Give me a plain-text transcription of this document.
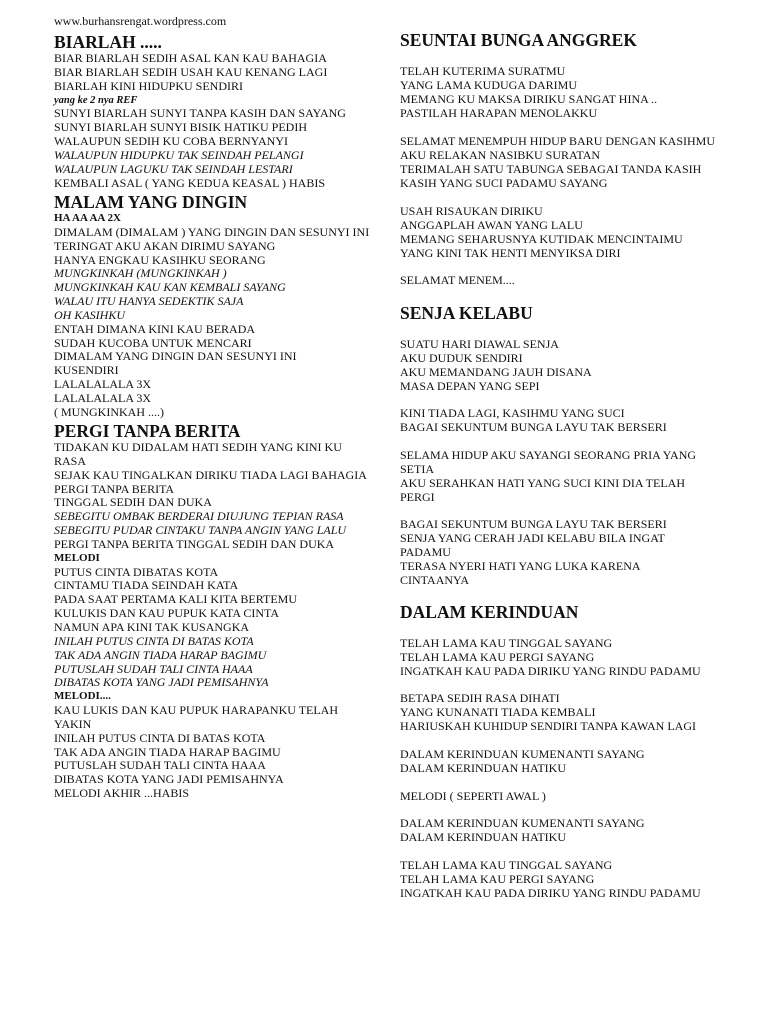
www.burhansrengat.wordpress.com
BIARLAH .....
BIAR BIARLAH SEDIH ASAL KAN KAU BAHAGIA
BIAR BIARLAH SEDIH USAH KAU KENANG LAGI
BIARLAH KINI HIDUPKU SENDIRI
yang ke 2 nya REF
SUNYI BIARLAH SUNYI TANPA KASIH DAN SAYANG
SUNYI BIARLAH SUNYI BISIK HATIKU PEDIH
WALAUPUN SEDIH KU COBA BERNYANYI
WALAUPUN HIDUPKU TAK SEINDAH PELANGI
WALAUPUN LAGUKU TAK SEINDAH LESTARI
KEMBALI ASAL ( YANG KEDUA KEASAL ) HABIS
MALAM YANG DINGIN
HA AA AA 2X
DIMALAM (DIMALAM ) YANG DINGIN DAN SESUNYI INI
TERINGAT AKU AKAN DIRIMU SAYANG
HANYA ENGKAU KASIHKU SEORANG
MUNGKINKAH (MUNGKINKAH )
MUNGKINKAH KAU KAN KEMBALI SAYANG
WALAU ITU HANYA SEDEKTIK SAJA
OH KASIHKU
ENTAH DIMANA KINI KAU BERADA
SUDAH KUCOBA UNTUK MENCARI
DIMALAM YANG DINGIN DAN SESUNYI INI
KUSENDIRI
LALALALALA 3X
LALALALALA 3X
( MUNGKINKAH ....)
PERGI TANPA BERITA
TIDAKAN KU DIDALAM HATI SEDIH YANG KINI KU
RASA
SEJAK KAU TINGALKAN DIRIKU TIADA LAGI BAHAGIA
PERGI TANPA BERITA
TINGGAL SEDIH DAN DUKA
SEBEGITU OMBAK BERDERAI DIUJUNG TEPIAN RASA
SEBEGITU PUDAR CINTAKU TANPA ANGIN YANG LALU
PERGI TANPA BERITA TINGGAL SEDIH DAN DUKA
MELODI
PUTUS CINTA DIBATAS KOTA
CINTAMU TIADA SEINDAH KATA
PADA SAAT PERTAMA KALI KITA BERTEMU
KULUKIS DAN KAU PUPUK KATA CINTA
NAMUN APA KINI TAK KUSANGKA
INILAH PUTUS CINTA DI BATAS KOTA
TAK ADA ANGIN TIADA HARAP BAGIMU
PUTUSLAH SUDAH TALI CINTA HAAA
DIBATAS KOTA YANG JADI PEMISAHNYA
MELODI....
KAU LUKIS DAN KAU PUPUK HARAPANKU TELAH
YAKIN
INILAH PUTUS CINTA DI BATAS KOTA
TAK ADA ANGIN TIADA HARAP BAGIMU
PUTUSLAH SUDAH TALI CINTA HAAA
DIBATAS KOTA YANG JADI PEMISAHNYA
MELODI AKHIR ...HABIS
SEUNTAI BUNGA ANGGREK
TELAH KUTERIMA SURATMU
YANG LAMA KUDUGA DARIMU
MEMANG KU MAKSA DIRIKU SANGAT HINA ..
PASTILAH HARAPAN MENOLAKKU
SELAMAT MENEMPUH HIDUP BARU DENGAN KASIHMU
AKU RELAKAN NASIBKU SURATAN
TERIMALAH SATU TABUNGA SEBAGAI TANDA KASIH
KASIH YANG SUCI PADAMU SAYANG
USAH RISAUKAN DIRIKU
ANGGAPLAH AWAN YANG LALU
MEMANG SEHARUSNYA KUTIDAK MENCINTAIMU
YANG KINI TAK HENTI MENYIKSA DIRI
SELAMAT MENEM....
SENJA KELABU
SUATU HARI DIAWAL SENJA
AKU DUDUK SENDIRI
AKU MEMANDANG JAUH DISANA
MASA DEPAN YANG SEPI
KINI TIADA LAGI, KASIHMU YANG SUCI
BAGAI SEKUNTUM BUNGA LAYU TAK BERSERI
SELAMA HIDUP AKU SAYANGI SEORANG PRIA YANG
SETIA
AKU SERAHKAN HATI YANG SUCI KINI DIA TELAH
PERGI
BAGAI SEKUNTUM BUNGA LAYU TAK BERSERI
SENJA YANG CERAH JADI KELABU BILA INGAT
PADAMU
TERASA NYERI HATI YANG LUKA KARENA
CINTAANYA
DALAM KERINDUAN
TELAH LAMA KAU TINGGAL SAYANG
TELAH LAMA KAU PERGI SAYANG
INGATKAH KAU PADA DIRIKU YANG RINDU PADAMU
BETAPA SEDIH RASA DIHATI
YANG KUNANATI TIADA KEMBALI
HARIUSKAH KUHIDUP SENDIRI TANPA KAWAN LAGI
DALAM KERINDUAN KUMENANTI SAYANG
DALAM KERINDUAN HATIKU
MELODI ( SEPERTI AWAL )
DALAM KERINDUAN KUMENANTI SAYANG
DALAM KERINDUAN HATIKU
TELAH LAMA KAU TINGGAL SAYANG
TELAH LAMA KAU PERGI SAYANG
INGATKAH KAU PADA DIRIKU YANG RINDU PADAMU
